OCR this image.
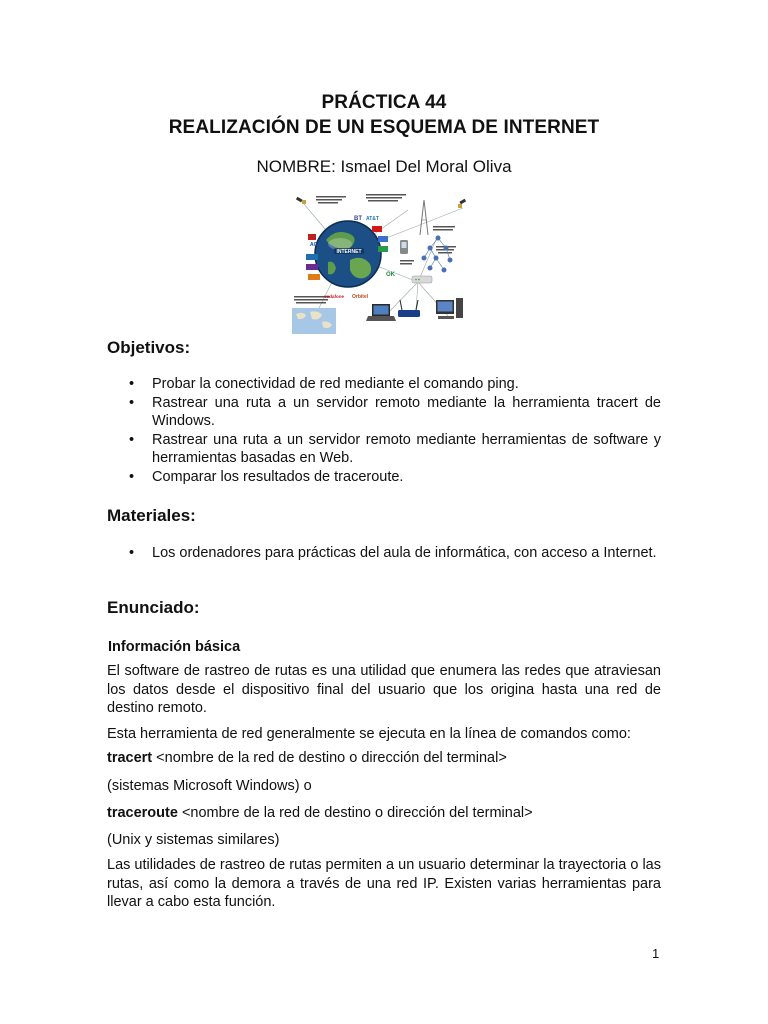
PRÁCTICA 44
REALIZACIÓN DE UN ESQUEMA DE INTERNET
NOMBRE: Ismael Del Moral Oliva
INTERNET
BT AT&T
AOL
vodafone Orbitel
OK
Objetivos:
• Probar la conectividad de red mediante el comando ping.
• Rastrear una ruta a un servidor remoto mediante la herramienta tracert de Windows.
• Rastrear una ruta a un servidor remoto mediante herramientas de software y herramientas basadas en Web.
• Comparar los resultados de traceroute.
Materiales:
• Los ordenadores para prácticas del aula de informática, con acceso a Internet.
Enunciado:
Información básica
El software de rastreo de rutas es una utilidad que enumera las redes que atraviesan los datos desde el dispositivo final del usuario que los origina hasta una red de destino remoto.
Esta herramienta de red generalmente se ejecuta en la línea de comandos como:
tracert <nombre de la red de destino o dirección del terminal>
(sistemas Microsoft Windows) o
traceroute <nombre de la red de destino o dirección del terminal>
(Unix y sistemas similares)
Las utilidades de rastreo de rutas permiten a un usuario determinar la trayectoria o las rutas, así como la demora a través de una red IP. Existen varias herramientas para llevar a cabo esta función.
1
